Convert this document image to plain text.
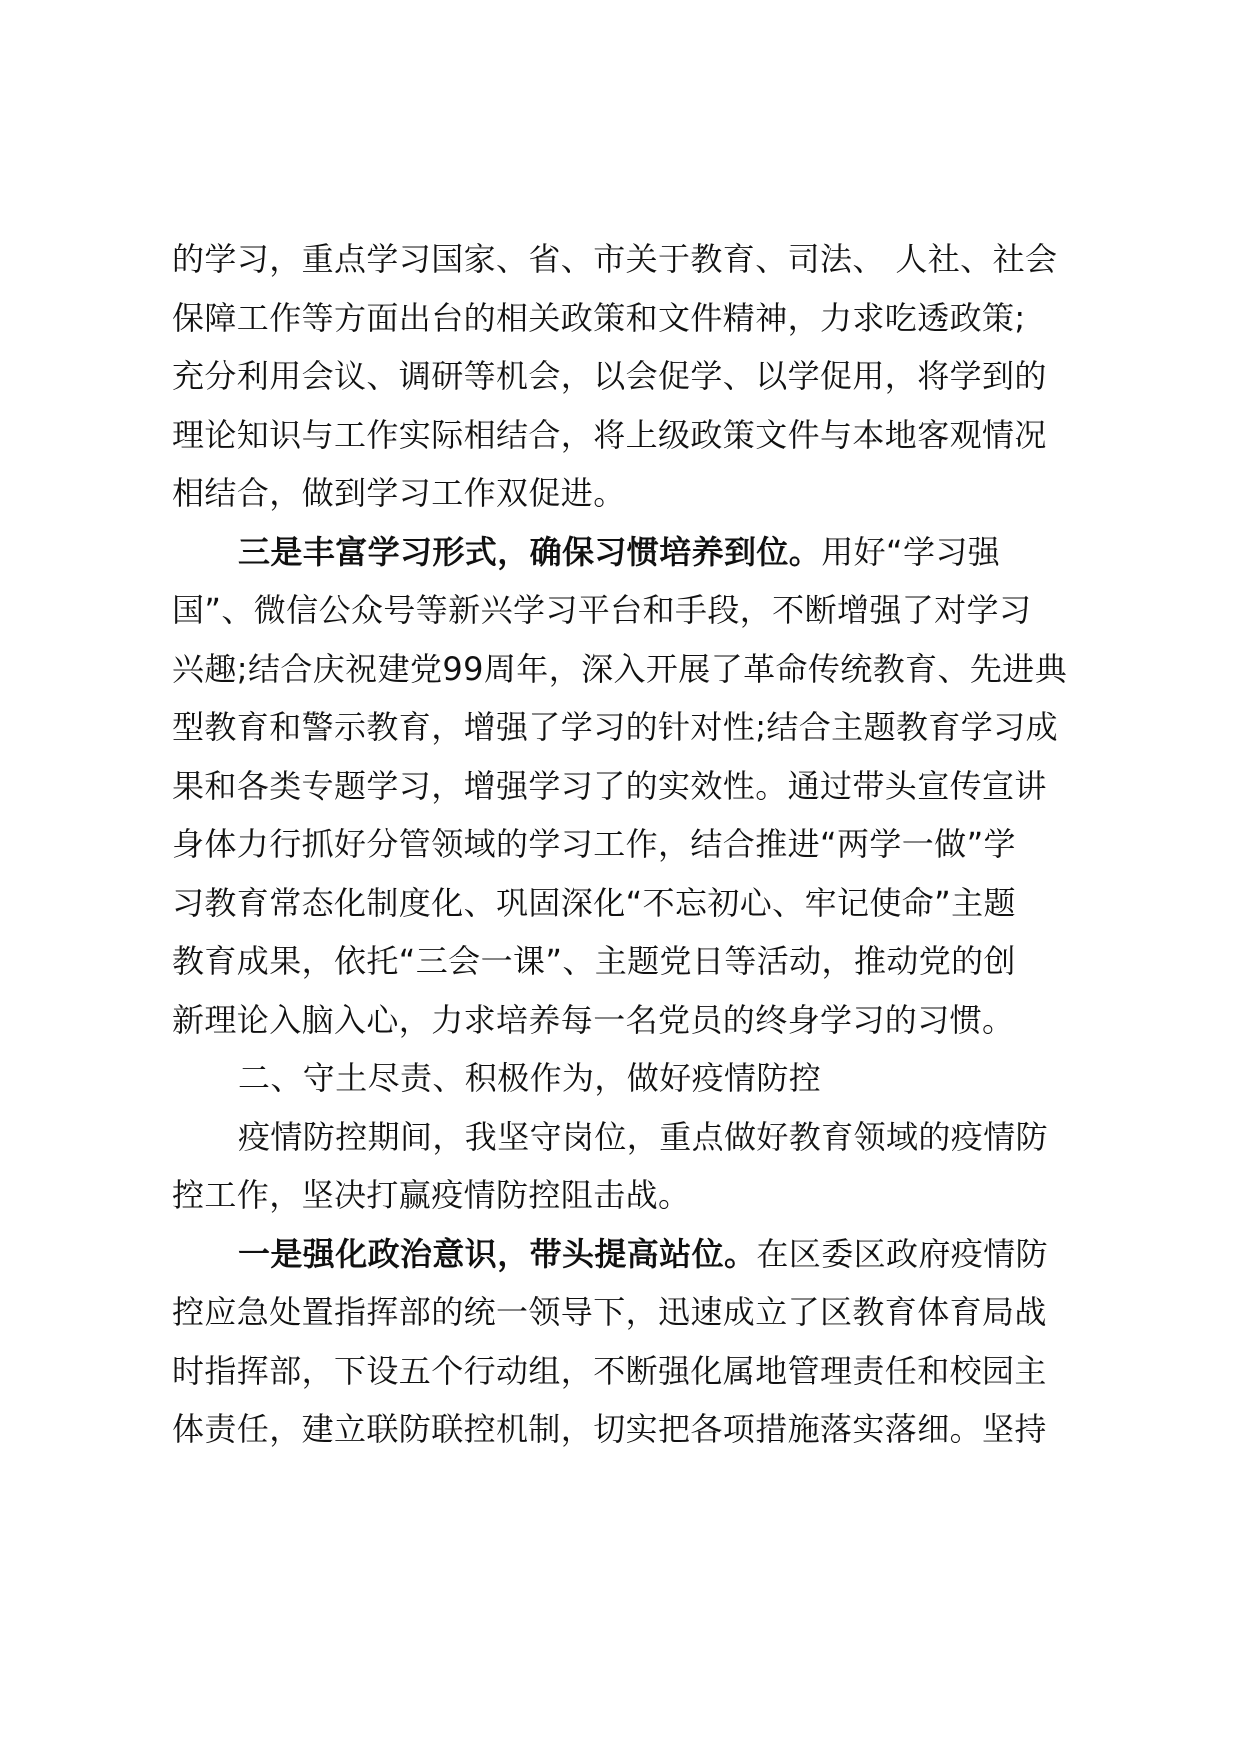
的学习，重点学习国家、省、市关于教育、司法、 人社、社会
保障工作等方面出台的相关政策和文件精神，力求吃透政策;
充分利用会议、调研等机会，以会促学、以学促用，将学到的
理论知识与工作实际相结合，将上级政策文件与本地客观情况
相结合，做到学习工作双促进。
三是丰富学习形式，确保习惯培养到位。用好“学习强
国”、微信公众号等新兴学习平台和手段，不断增强了对学习
兴趣;结合庆祝建党99周年，深入开展了革命传统教育、先进典
型教育和警示教育，增强了学习的针对性;结合主题教育学习成
果和各类专题学习，增强学习了的实效性。通过带头宣传宣讲
身体力行抓好分管领域的学习工作，结合推进“两学一做”学
习教育常态化制度化、巩固深化“不忘初心、牢记使命”主题
教育成果，依托“三会一课”、主题党日等活动，推动党的创
新理论入脑入心，力求培养每一名党员的终身学习的习惯。
二、守土尽责、积极作为，做好疫情防控
疫情防控期间，我坚守岗位，重点做好教育领域的疫情防
控工作，坚决打赢疫情防控阻击战。
一是强化政治意识，带头提高站位。在区委区政府疫情防
控应急处置指挥部的统一领导下，迅速成立了区教育体育局战
时指挥部，下设五个行动组，不断强化属地管理责任和校园主
体责任，建立联防联控机制，切实把各项措施落实落细。坚持
